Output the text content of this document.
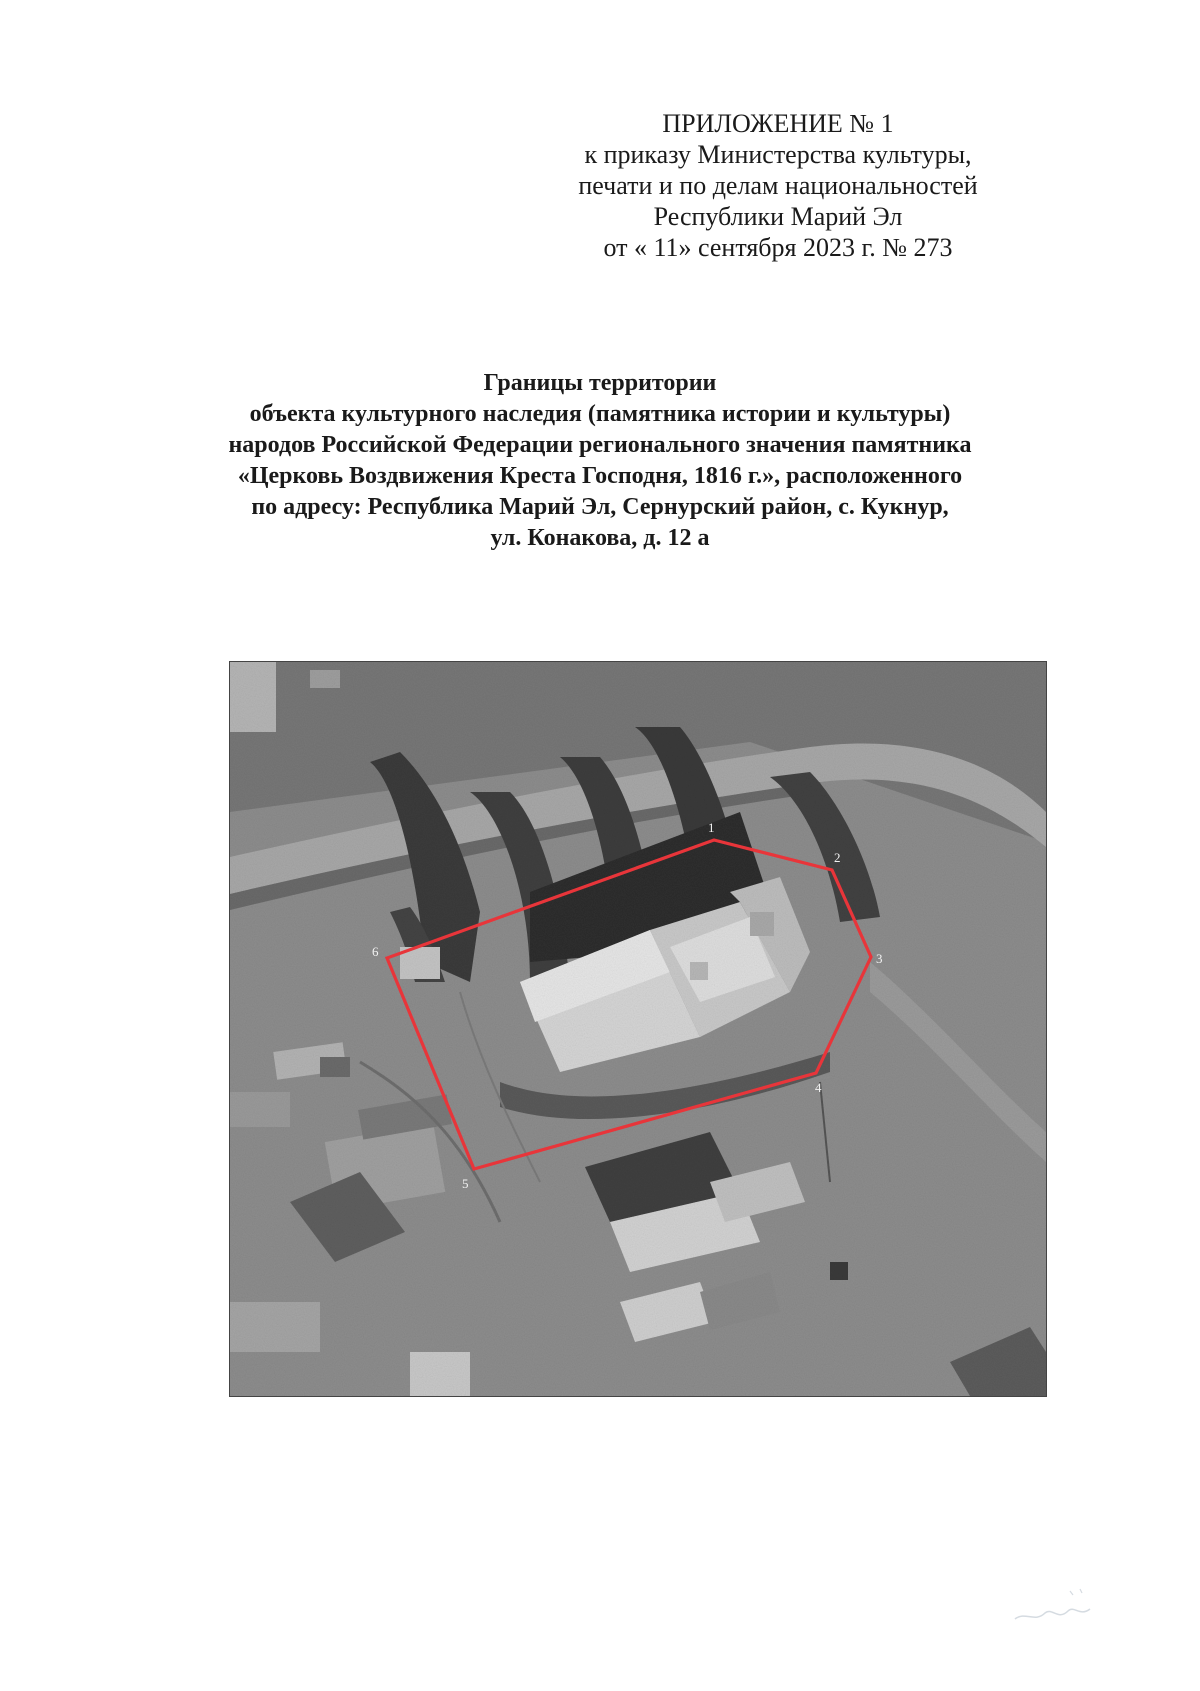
ПРИЛОЖЕНИЕ № 1
к приказу Министерства культуры,
печати и по делам национальностей
Республики Марий Эл
от « 11» сентября 2023 г. № 273
Границы территории
объекта культурного наследия (памятника истории и культуры)
народов Российской Федерации регионального значения памятника
«Церковь Воздвижения Креста Господня, 1816 г.», расположенного
по адресу: Республика Марий Эл, Сернурский район, с. Кукнур,
ул. Конакова, д. 12 а
1
2
3
4
5
6
